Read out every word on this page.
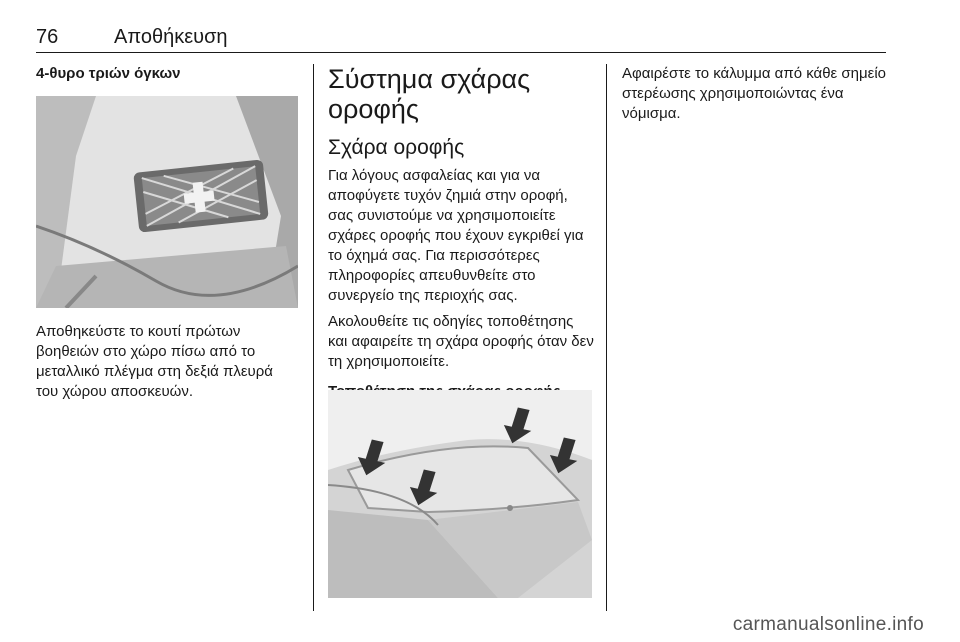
76	Αποθήκευση
4-θυρο τριών όγκων

Αποθηκεύστε το κουτί πρώτων βοηθειών στο χώρο πίσω από το μεταλλικό πλέγμα στη δεξιά πλευρά του χώρου αποσκευών.

Σύστημα σχάρας οροφής
Σχάρα οροφής

Για λόγους ασφαλείας και για να αποφύγετε τυχόν ζημιά στην οροφή, σας συνιστούμε να χρησιμοποιείτε σχάρες οροφής που έχουν εγκριθεί για το όχημά σας. Για περισσότερες πληροφορίες απευθυνθείτε στο συνεργείο της περιοχής σας.

Ακολουθείτε τις οδηγίες τοποθέτησης και αφαιρείτε τη σχάρα οροφής όταν δεν τη χρησιμοποιείτε.

Αφαιρέστε το κάλυμμα από κάθε σημείο στερέωσης χρησιμοποιώντας ένα νόμισμα.

carmanualsonline.info
